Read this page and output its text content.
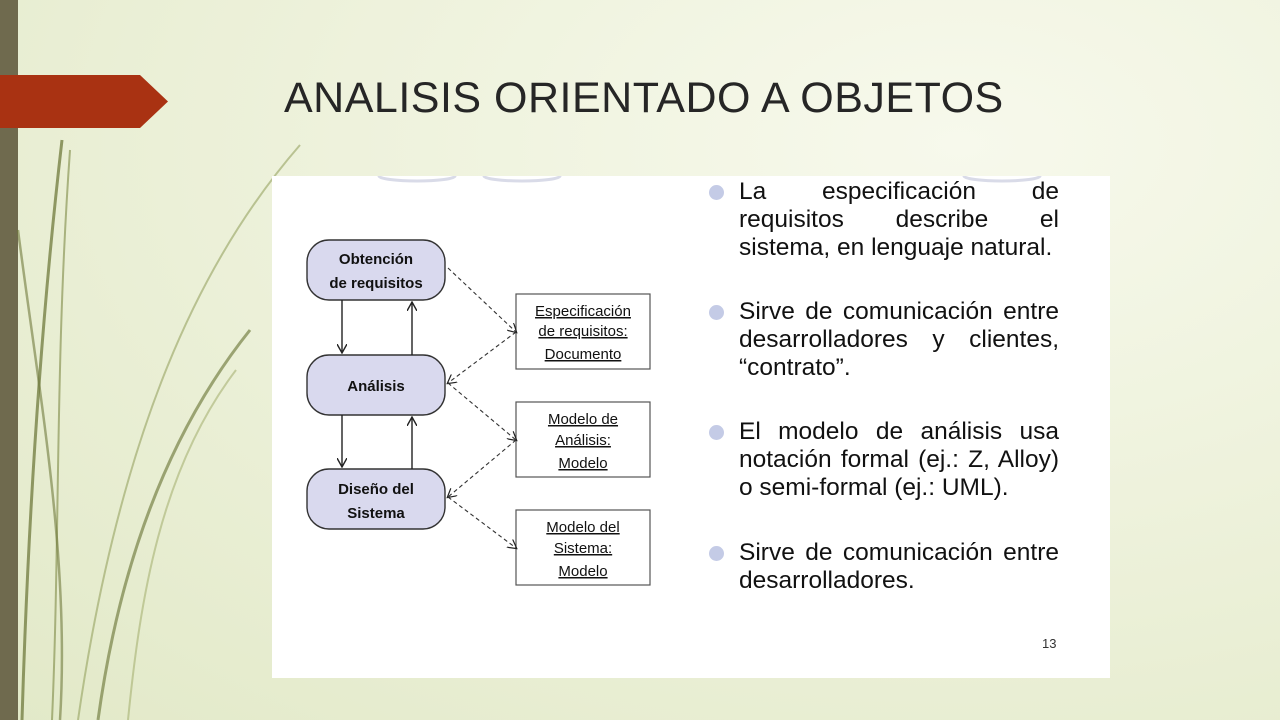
ANALISIS ORIENTADO A OBJETOS
Obtención
de requisitos
Análisis
Diseño del
Sistema
Especificación
de requisitos:
Documento
Modelo de
Análisis:
Modelo
Modelo del
Sistema:
Modelo
La especificación de requisitos describe el sistema, en lenguaje natural.
Sirve de comunicación entre desarrolladores y clientes, “contrato”.
El modelo de análisis usa notación formal (ej.: Z, Alloy) o semi-formal (ej.: UML).
Sirve de comunicación entre desarrolladores.
13
